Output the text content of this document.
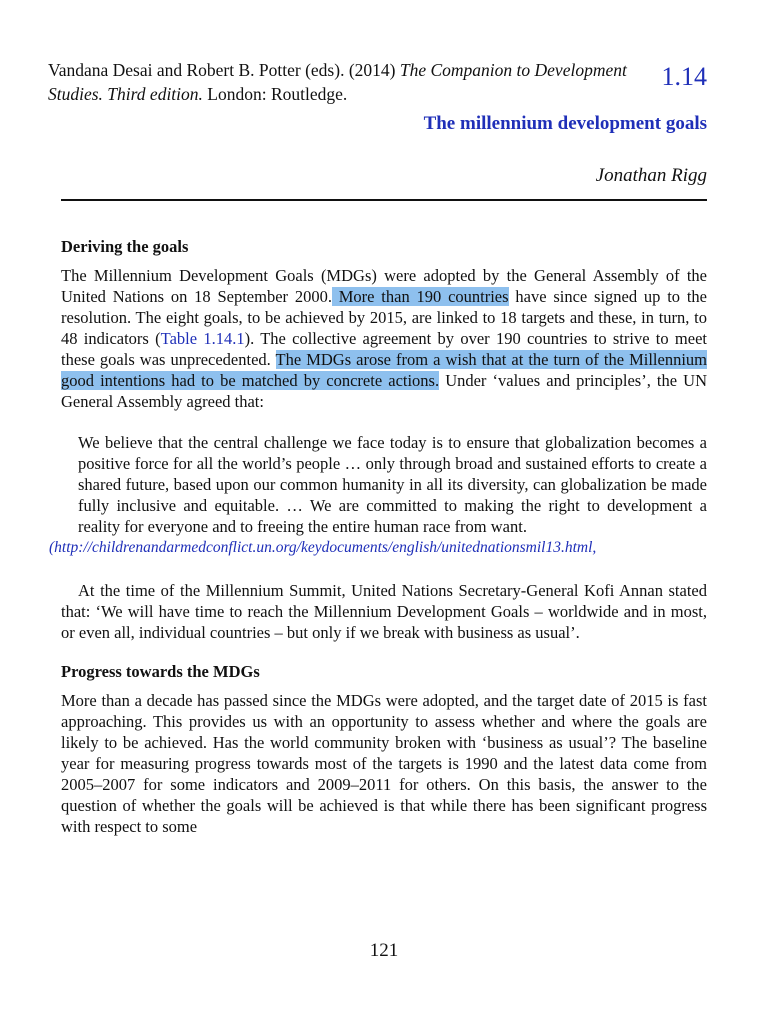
Vandana Desai and Robert B. Potter (eds). (2014) The Companion to Development Studies. Third edition. London: Routledge.
1.14
The millennium development goals
Jonathan Rigg
Deriving the goals

The Millennium Development Goals (MDGs) were adopted by the General Assembly of the United Nations on 18 September 2000. More than 190 countries have since signed up to the resolution. The eight goals, to be achieved by 2015, are linked to 18 targets and these, in turn, to 48 indicators (Table 1.14.1). The collective agreement by over 190 countries to strive to meet these goals was unprecedented. The MDGs arose from a wish that at the turn of the Millennium good intentions had to be matched by concrete actions. Under ‘values and principles’, the UN General Assembly agreed that:

We believe that the central challenge we face today is to ensure that globalization becomes a positive force for all the world’s people … only through broad and sustained efforts to create a shared future, based upon our common humanity in all its diversity, can globalization be made fully inclusive and equitable. … We are committed to making the right to development a reality for everyone and to freeing the entire human race from want.
(http://childrenandarmedconflict.un.org/keydocuments/english/unitednationsmil13.html,

At the time of the Millennium Summit, United Nations Secretary-General Kofi Annan stated that: ‘We will have time to reach the Millennium Development Goals – worldwide and in most, or even all, individual countries – but only if we break with business as usual’.

Progress towards the MDGs

More than a decade has passed since the MDGs were adopted, and the target date of 2015 is fast approaching. This provides us with an opportunity to assess whether and where the goals are likely to be achieved. Has the world community broken with ‘business as usual’? The baseline year for measuring progress towards most of the targets is 1990 and the latest data come from 2005–2007 for some indicators and 2009–2011 for others. On this basis, the answer to the question of whether the goals will be achieved is that while there has been significant progress with respect to some

121
